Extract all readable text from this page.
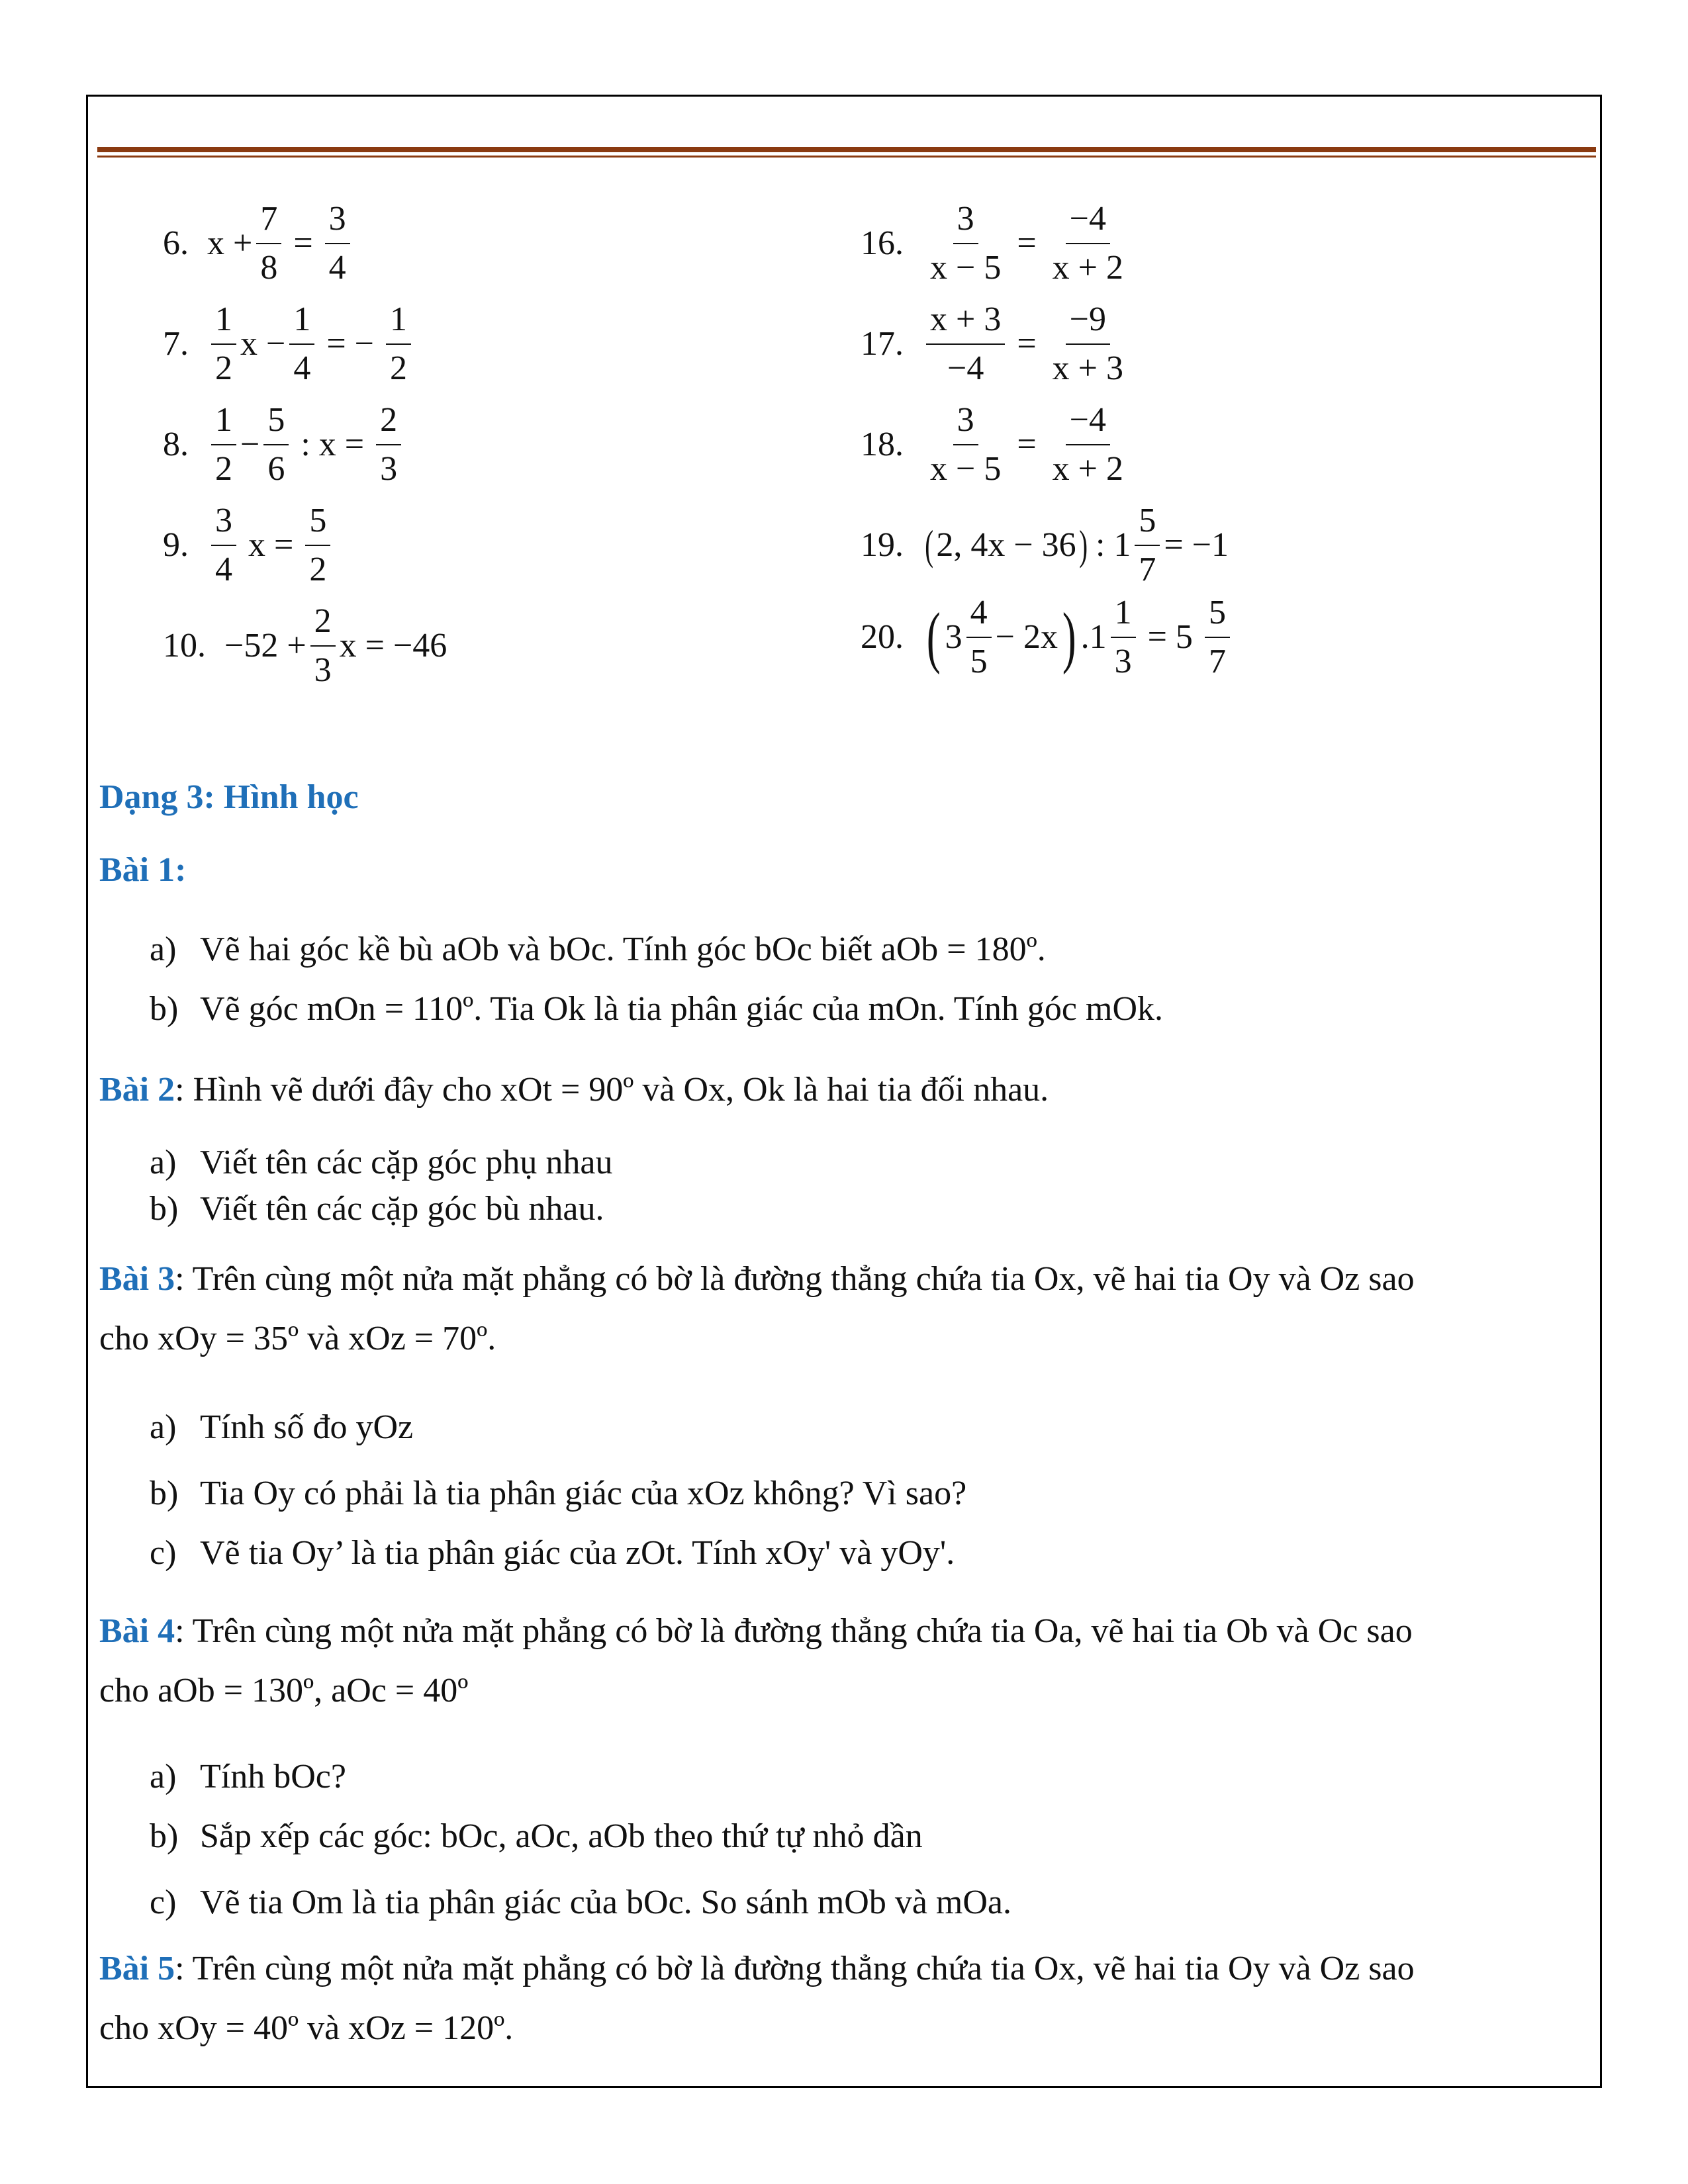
6. $x + \frac{7}{8} = \frac{3}{4}$
7. $\frac{1}{2}$ $x - \frac{1}{4}$ = − $\frac{1}{2}$
8. $\frac{1}{2} - \frac{5}{6}$ : $x = \frac{2}{3}$
9. $\frac{3}{4}$ $x = \frac{5}{2}$
10. $-52 + \frac{2}{3}$ x = −46
16. $\frac{3}{x - 5} = \frac{-4}{x + 2}$
17. $\frac{x + 3}{-4} = \frac{-9}{x + 3}$
18. $\frac{3}{x - 5} = \frac{-4}{x + 2}$
19. ( 2, 4x − 36 ) : $1 \frac{5}{7} = -1$
20. ( $3 \frac{4}{5} - 2x$ ) $.1 \frac{1}{3} = 5 \frac{5}{7}$
Dạng 3: Hình học
Bài 1:
a) Vẽ hai góc kề bù aOb và bOc. Tính góc bOc biết aOb = 180º.
b) Vẽ góc mOn = 110º. Tia Ok là tia phân giác của mOn. Tính góc mOk.
Bài 2: Hình vẽ dưới đây cho xOt = 90º và Ox, Ok là hai tia đối nhau.
a) Viết tên các cặp góc phụ nhau
b) Viết tên các cặp góc bù nhau.
Bài 3: Trên cùng một nửa mặt phẳng có bờ là đường thẳng chứa tia Ox, vẽ hai tia Oy và Oz sao
cho xOy = 35º và xOz = 70º.
a) Tính số đo yOz
b) Tia Oy có phải là tia phân giác của xOz không? Vì sao?
c) Vẽ tia Oy’ là tia phân giác của zOt. Tính xOy' và yOy'.
Bài 4: Trên cùng một nửa mặt phẳng có bờ là đường thẳng chứa tia Oa, vẽ hai tia Ob và Oc sao
cho aOb = 130º, aOc = 40º
a) Tính bOc?
b) Sắp xếp các góc: bOc, aOc, aOb theo thứ tự nhỏ dần
c) Vẽ tia Om là tia phân giác của bOc. So sánh mOb và mOa.
Bài 5: Trên cùng một nửa mặt phẳng có bờ là đường thẳng chứa tia Ox, vẽ hai tia Oy và Oz sao
cho xOy = 40º và xOz = 120º.
